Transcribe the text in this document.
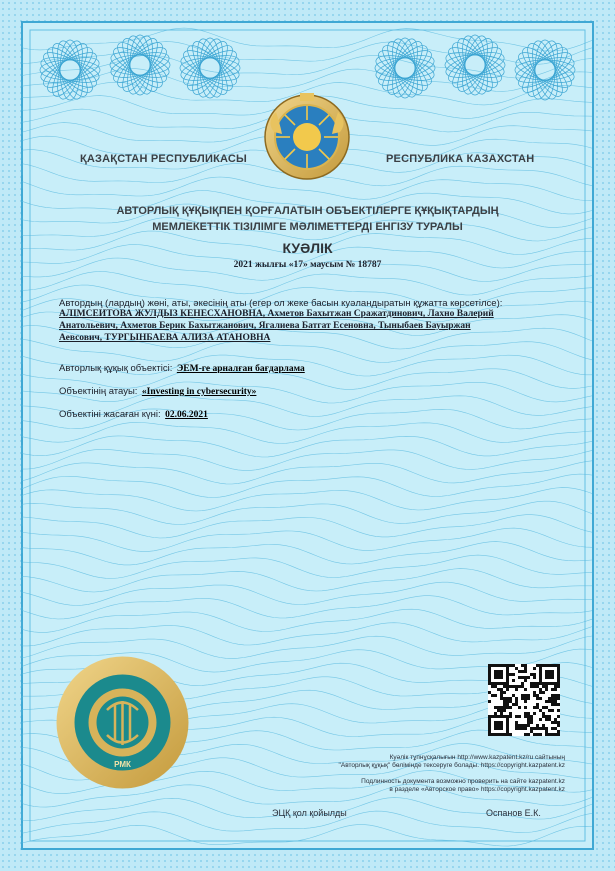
ҚАЗАҚСТАН РЕСПУБЛИКАСЫ	РЕСПУБЛИКА КАЗАХСТАН
АВТОРЛЫҚ ҚҰҚЫҚПЕН ҚОРҒАЛАТЫН ОБЪЕКТІЛЕРГЕ ҚҰҚЫҚТАРДЫҢ
МЕМЛЕКЕТТІК ТІЗІЛІМГЕ МӘЛІМЕТТЕРДІ ЕНГІЗУ ТУРАЛЫ
КУӘЛІК
2021 жылғы «17» маусым № 18787
Автордың (лардың) жөні, аты, әкесінің аты (егер ол жеке басын куәландыратын құжатта көрсетілсе):
АЛІМСЕИТОВА ЖУЛДЫЗ КЕНЕСХАНОВНА, Ахметов Бахытжан Сражатдинович, Лахно Валерий
Анатольевич, Ахметов Берик Бахытжанович, Ягалиева Батгат Есеновна, Тыныбаев Бауыржан
Аевсович, ТУРГЫНБАЕВА АЛИЗА АТАНОВНА
Авторлық құқық объектісі: ЭЕМ-ге арналған бағдарлама
Объектінің атауы: «Investing in cybersecurity»
Объектіні жасаған күні: 02.06.2021
РМК
Куәлік тұпнұсқалығын http://www.kazpatent.kz/ru сайтының
"Авторлық құқық" бөлімінде тексеруге болады. https://copyright.kazpatent.kz
Подлинность документа возможно проверить на сайте kazpatent.kz
в разделе «Авторское право» https://copyright.kazpatent.kz
ЭЦҚ қол қойылды	Оспанов Е.К.
